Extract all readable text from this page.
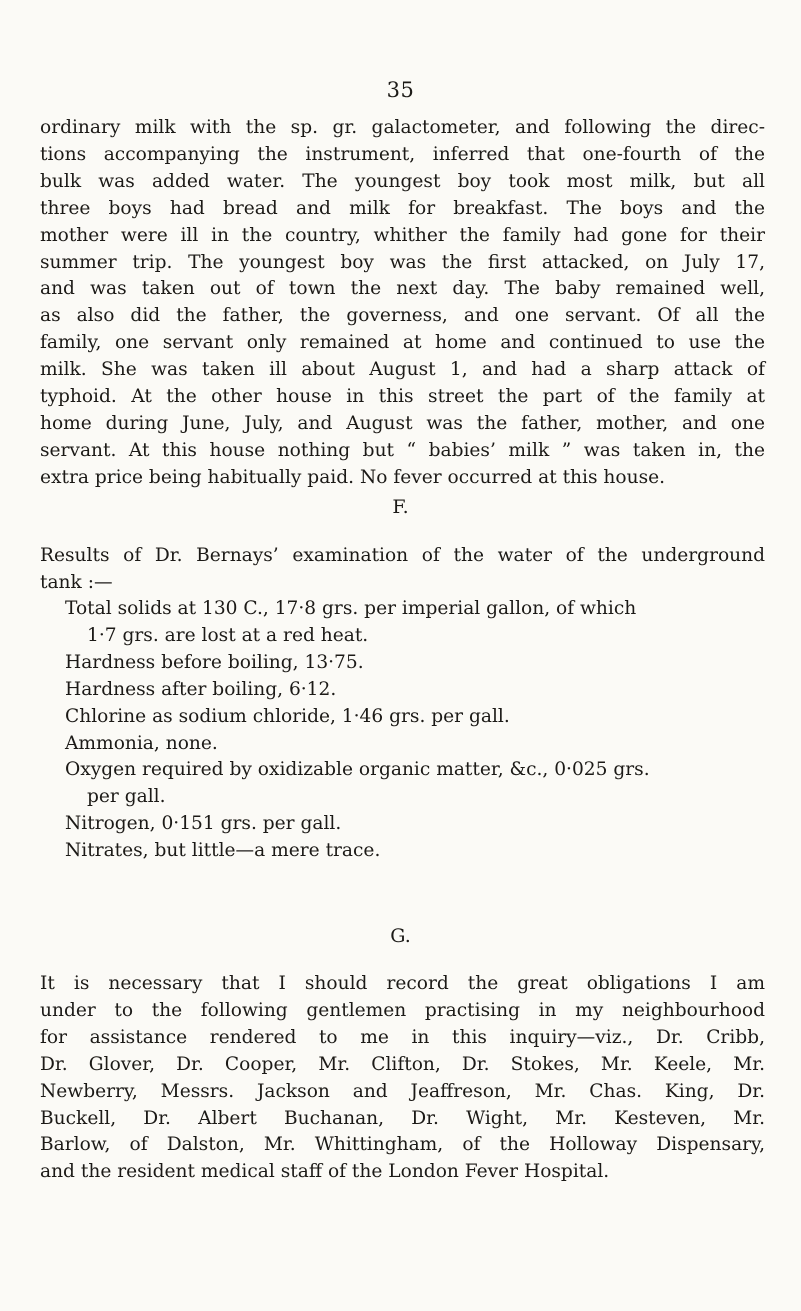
35
ordinary milk with the sp. gr. galactometer, and following the direc-
tions accompanying the instrument, inferred that one-fourth of the
bulk was added water. The youngest boy took most milk, but all
three boys had bread and milk for breakfast. The boys and the
mother were ill in the country, whither the family had gone for their
summer trip. The youngest boy was the first attacked, on July 17,
and was taken out of town the next day. The baby remained well,
as also did the father, the governess, and one servant. Of all the
family, one servant only remained at home and continued to use the
milk. She was taken ill about August 1, and had a sharp attack of
typhoid. At the other house in this street the part of the family at
home during June, July, and August was the father, mother, and one
servant. At this house nothing but “ babies’ milk ” was taken in, the
extra price being habitually paid. No fever occurred at this house.
F.
Results of Dr. Bernays’ examination of the water of the underground
tank :—
Total solids at 130 C., 17·8 grs. per imperial gallon, of which
1·7 grs. are lost at a red heat.
Hardness before boiling, 13·75.
Hardness after boiling, 6·12.
Chlorine as sodium chloride, 1·46 grs. per gall.
Ammonia, none.
Oxygen required by oxidizable organic matter, &c., 0·025 grs.
per gall.
Nitrogen, 0·151 grs. per gall.
Nitrates, but little—a mere trace.
G.
It is necessary that I should record the great obligations I am
under to the following gentlemen practising in my neighbourhood
for assistance rendered to me in this inquiry—viz., Dr. Cribb,
Dr. Glover, Dr. Cooper, Mr. Clifton, Dr. Stokes, Mr. Keele, Mr.
Newberry, Messrs. Jackson and Jeaffreson, Mr. Chas. King, Dr.
Buckell, Dr. Albert Buchanan, Dr. Wight, Mr. Kesteven, Mr.
Barlow, of Dalston, Mr. Whittingham, of the Holloway Dispensary,
and the resident medical staff of the London Fever Hospital.
